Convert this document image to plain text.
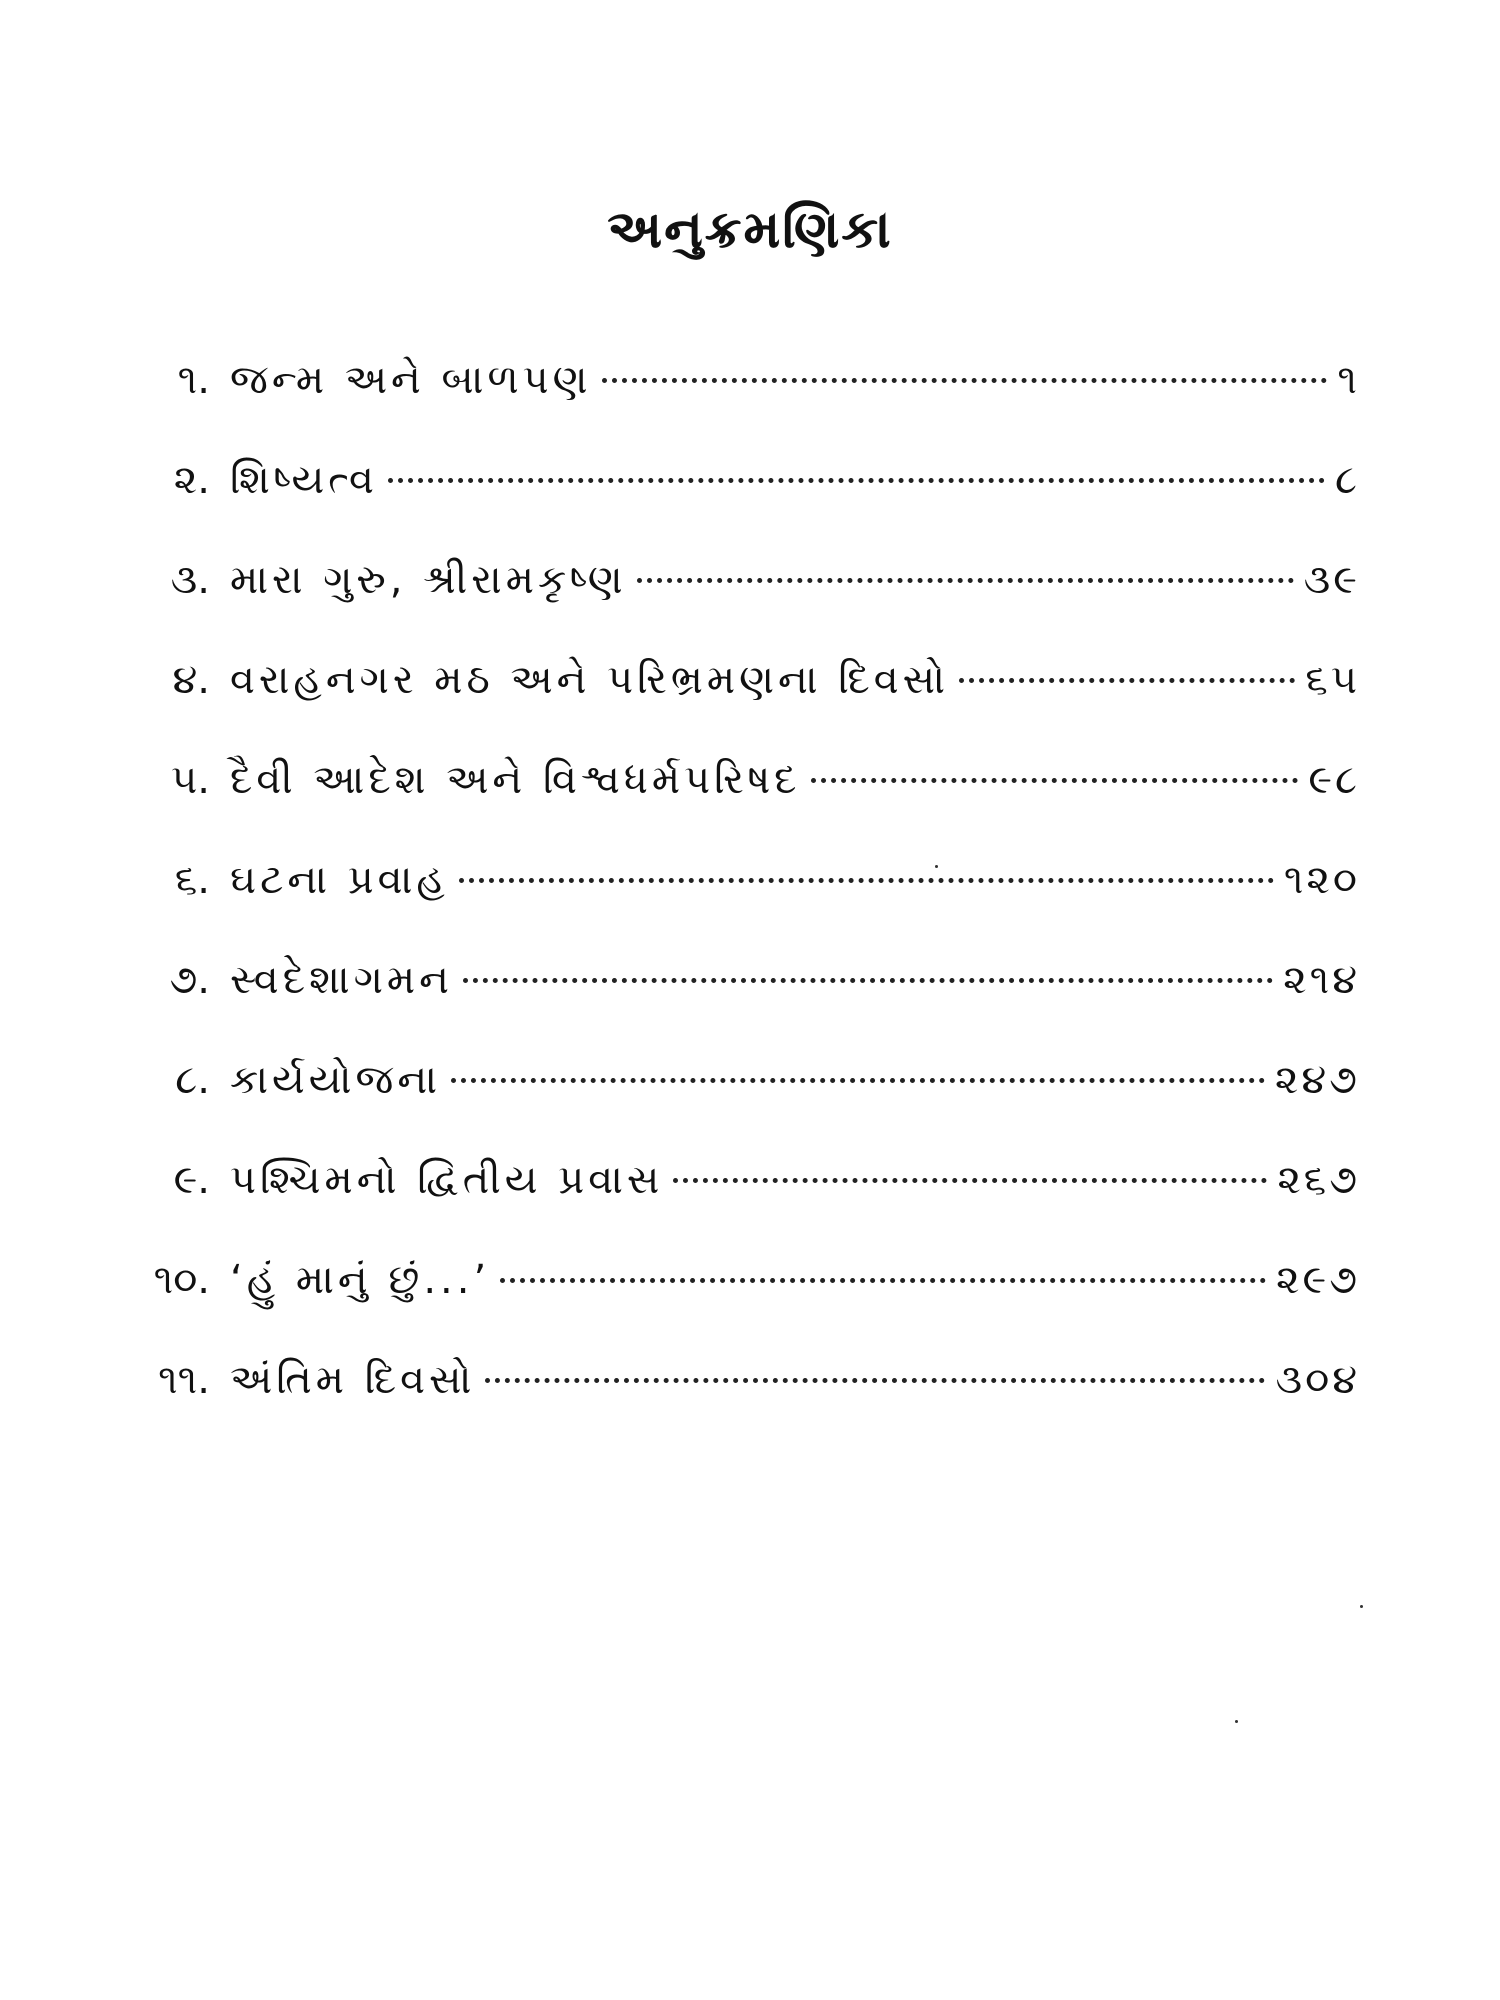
અનુક્રમણિકા
૧. જન્મ અને બાળપણ	૧
૨. શિષ્યત્વ	૮
૩. મારા ગુરુ, શ્રીરામકૃષ્ણ	૩૯
૪. વરાહનગર મઠ અને પરિભ્રમણના દિવસો	૬૫
૫. દૈવી આદેશ અને વિશ્વધર્મપરિષદ	૯૮
૬. ઘટના પ્રવાહ	૧૨૦
૭. સ્વદેશાગમન	૨૧૪
૮. કાર્યયોજના	૨૪૭
૯. પશ્ચિમનો દ્વિતીય પ્રવાસ	૨૬૭
૧૦. ‘હું માનું છું...’	૨૯૭
૧૧. અંતિમ દિવસો	૩૦૪
